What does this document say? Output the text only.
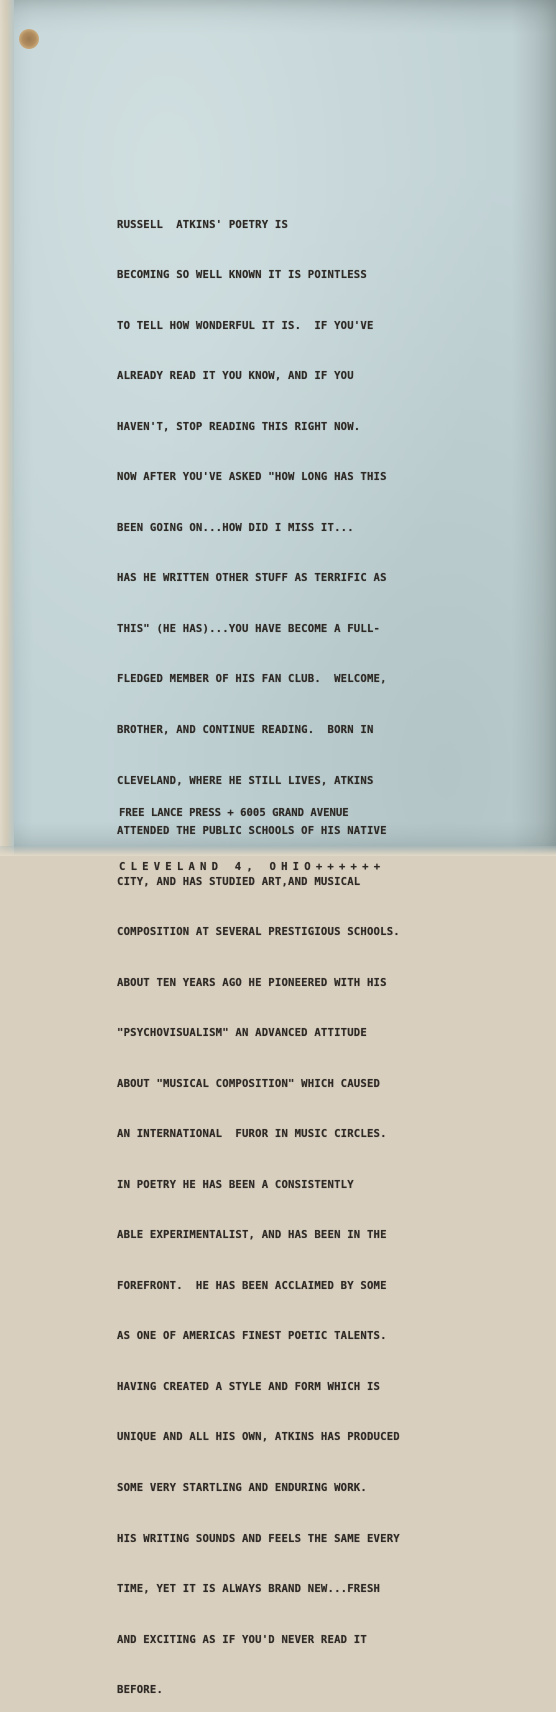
RUSSELL  ATKINS' POETRY IS

BECOMING SO WELL KNOWN IT IS POINTLESS

TO TELL HOW WONDERFUL IT IS.  IF YOU'VE

ALREADY READ IT YOU KNOW, AND IF YOU

HAVEN'T, STOP READING THIS RIGHT NOW.

NOW AFTER YOU'VE ASKED "HOW LONG HAS THIS

BEEN GOING ON...HOW DID I MISS IT...

HAS HE WRITTEN OTHER STUFF AS TERRIFIC AS

THIS" (HE HAS)...YOU HAVE BECOME A FULL-

FLEDGED MEMBER OF HIS FAN CLUB.  WELCOME,

BROTHER, AND CONTINUE READING.  BORN IN

CLEVELAND, WHERE HE STILL LIVES, ATKINS

ATTENDED THE PUBLIC SCHOOLS OF HIS NATIVE

CITY, AND HAS STUDIED ART,AND MUSICAL

COMPOSITION AT SEVERAL PRESTIGIOUS SCHOOLS.

ABOUT TEN YEARS AGO HE PIONEERED WITH HIS

"PSYCHOVISUALISM" AN ADVANCED ATTITUDE

ABOUT "MUSICAL COMPOSITION" WHICH CAUSED

AN INTERNATIONAL  FUROR IN MUSIC CIRCLES.

IN POETRY HE HAS BEEN A CONSISTENTLY

ABLE EXPERIMENTALIST, AND HAS BEEN IN THE

FOREFRONT.  HE HAS BEEN ACCLAIMED BY SOME

AS ONE OF AMERICAS FINEST POETIC TALENTS.

HAVING CREATED A STYLE AND FORM WHICH IS

UNIQUE AND ALL HIS OWN, ATKINS HAS PRODUCED

SOME VERY STARTLING AND ENDURING WORK.

HIS WRITING SOUNDS AND FEELS THE SAME EVERY

TIME, YET IT IS ALWAYS BRAND NEW...FRESH

AND EXCITING AS IF YOU'D NEVER READ IT

BEFORE.

FREE LANCE PRESS + 6005 GRAND AVENUE

CLEVELAND 4, OHIO++++++
